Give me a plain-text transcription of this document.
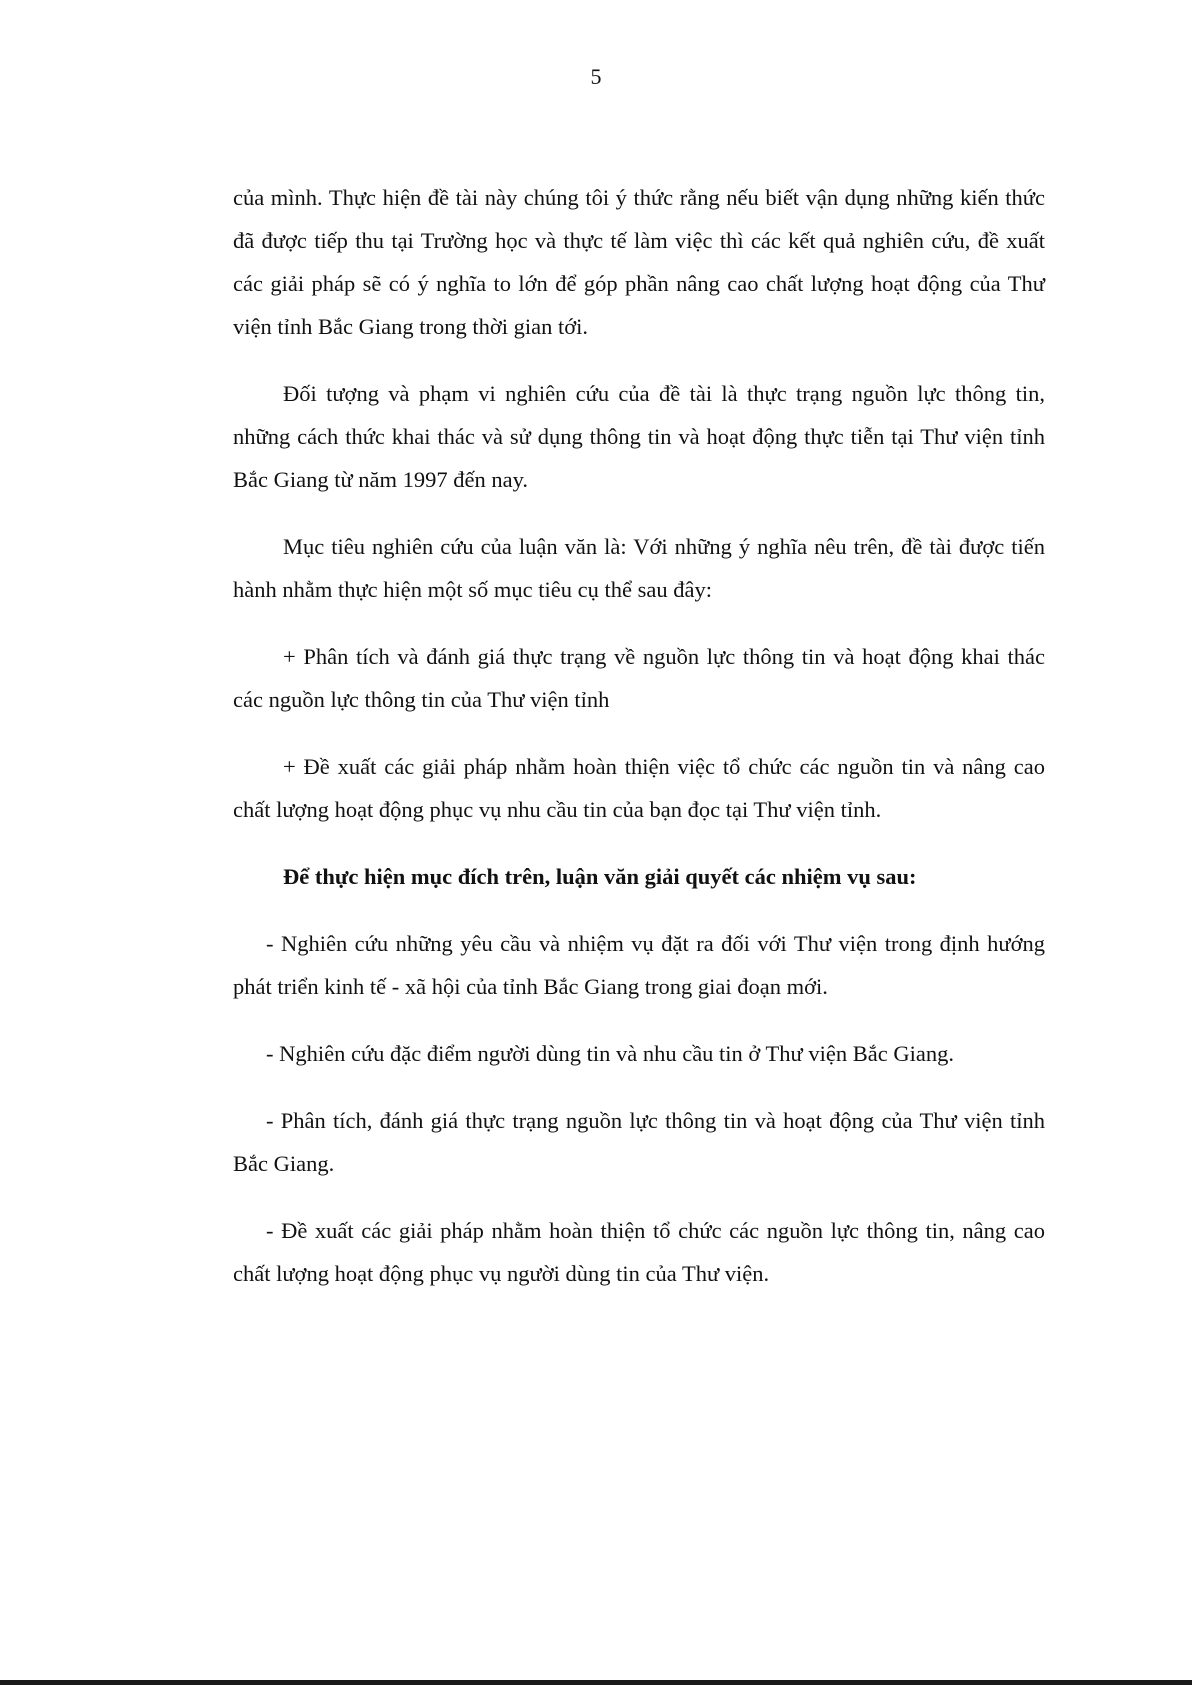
5

của mình. Thực hiện đề tài này chúng tôi ý thức rằng nếu biết vận dụng những kiến thức đã được tiếp thu tại Trường học và thực tế làm việc thì các kết quả nghiên cứu, đề xuất các giải pháp sẽ có ý nghĩa to lớn để góp phần nâng cao chất lượng hoạt động của Thư viện tỉnh Bắc Giang trong thời gian tới.

Đối tượng và phạm vi nghiên cứu của đề tài là thực trạng nguồn lực thông tin, những cách thức khai thác và sử dụng thông tin và hoạt động thực tiễn tại Thư viện tỉnh Bắc Giang từ năm 1997 đến nay.

Mục tiêu nghiên cứu của luận văn là: Với những ý nghĩa nêu trên, đề tài được tiến hành nhằm thực hiện một số mục tiêu cụ thể sau đây:

+ Phân tích và đánh giá thực trạng về nguồn lực thông tin và hoạt động khai thác các nguồn lực thông tin của Thư viện tỉnh

+ Đề xuất các giải pháp nhằm hoàn thiện việc tổ chức các nguồn tin và nâng cao chất lượng hoạt động phục vụ nhu cầu tin của bạn đọc tại Thư viện tỉnh.

Để thực hiện mục đích trên, luận văn giải quyết các nhiệm vụ sau:

- Nghiên cứu những yêu cầu và nhiệm vụ đặt ra đối với Thư viện trong định hướng phát triển kinh tế - xã hội của tỉnh Bắc Giang trong giai đoạn mới.

- Nghiên cứu đặc điểm người dùng tin và nhu cầu tin ở Thư viện Bắc Giang.

- Phân tích, đánh giá thực trạng nguồn lực thông tin và hoạt động của Thư viện tỉnh Bắc Giang.

- Đề xuất các giải pháp nhằm hoàn thiện tổ chức các nguồn lực thông tin, nâng cao chất lượng hoạt động phục vụ người dùng tin của Thư viện.
